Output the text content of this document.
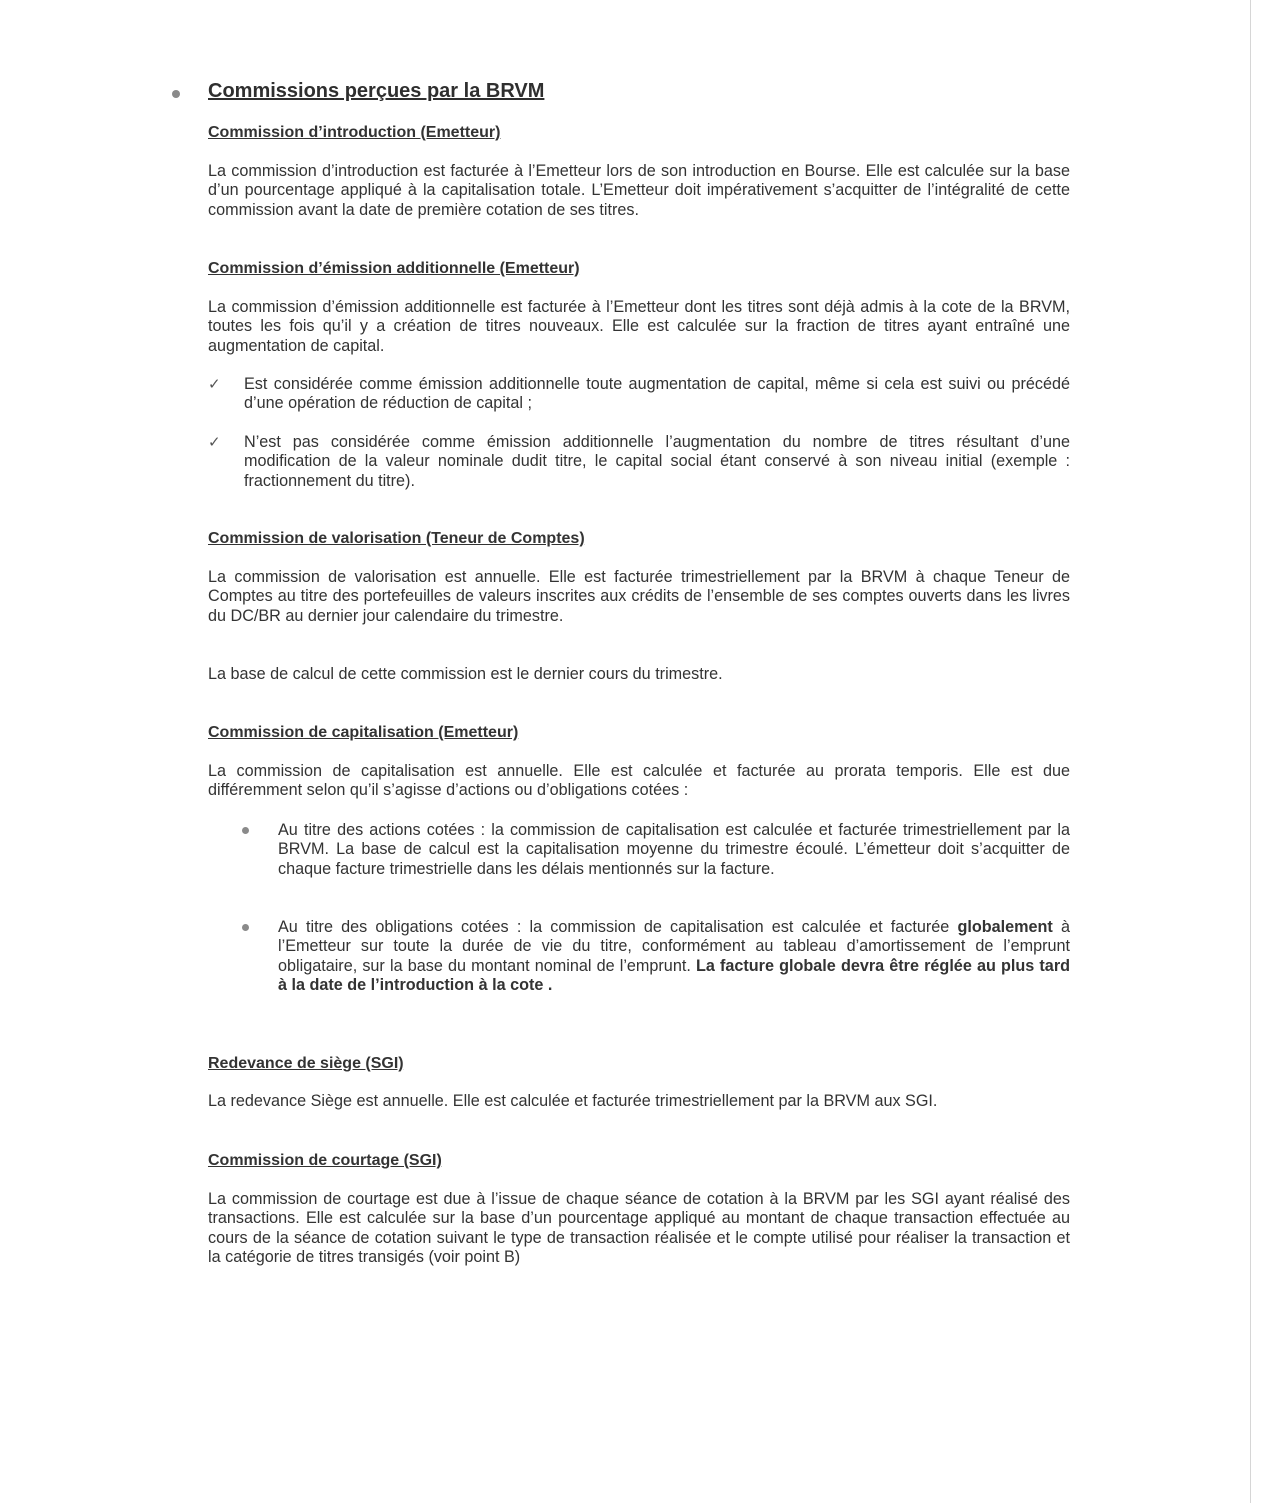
Commissions perçues par la BRVM
Commission d’introduction (Emetteur)
La commission d’introduction est facturée à l’Emetteur lors de son introduction en Bourse. Elle est calculée sur la base d’un pourcentage appliqué à la capitalisation totale. L’Emetteur doit impérativement s’acquitter de l’intégralité de cette commission avant la date de première cotation de ses titres.
Commission d’émission additionnelle (Emetteur)
La commission d’émission additionnelle est facturée à l’Emetteur dont les titres sont déjà admis à la cote de la BRVM, toutes les fois qu’il y a création de titres nouveaux. Elle est calculée sur la fraction de titres ayant entraîné une augmentation de capital.
✓ Est considérée comme émission additionnelle toute augmentation de capital, même si cela est suivi ou précédé d’une opération de réduction de capital ;
✓ N’est pas considérée comme émission additionnelle l’augmentation du nombre de titres résultant d’une modification de la valeur nominale dudit titre, le capital social étant conservé à son niveau initial (exemple : fractionnement du titre).
Commission de valorisation (Teneur de Comptes)
La commission de valorisation est annuelle. Elle est facturée trimestriellement par la BRVM à chaque Teneur de Comptes au titre des portefeuilles de valeurs inscrites aux crédits de l’ensemble de ses comptes ouverts dans les livres du DC/BR au dernier jour calendaire du trimestre.
La base de calcul de cette commission est le dernier cours du trimestre.
Commission de capitalisation (Emetteur)
La commission de capitalisation est annuelle. Elle est calculée et facturée au prorata temporis. Elle est due différemment selon qu’il s’agisse d’actions ou d’obligations cotées :
Au titre des actions cotées : la commission de capitalisation est calculée et facturée trimestriellement par la BRVM. La base de calcul est la capitalisation moyenne du trimestre écoulé. L’émetteur doit s’acquitter de chaque facture trimestrielle dans les délais mentionnés sur la facture.
Au titre des obligations cotées : la commission de capitalisation est calculée et facturée globalement à l’Emetteur sur toute la durée de vie du titre, conformément au tableau d’amortissement de l’emprunt obligataire, sur la base du montant nominal de l’emprunt. La facture globale devra être réglée au plus tard à la date de l’introduction à la cote .
Redevance de siège (SGI)
La redevance Siège est annuelle. Elle est calculée et facturée trimestriellement par la BRVM aux SGI.
Commission de courtage (SGI)
La commission de courtage est due à l’issue de chaque séance de cotation à la BRVM par les SGI ayant réalisé des transactions. Elle est calculée sur la base d’un pourcentage appliqué au montant de chaque transaction effectuée au cours de la séance de cotation suivant le type de transaction réalisée et le compte utilisé pour réaliser la transaction et la catégorie de titres transigés (voir point B)
